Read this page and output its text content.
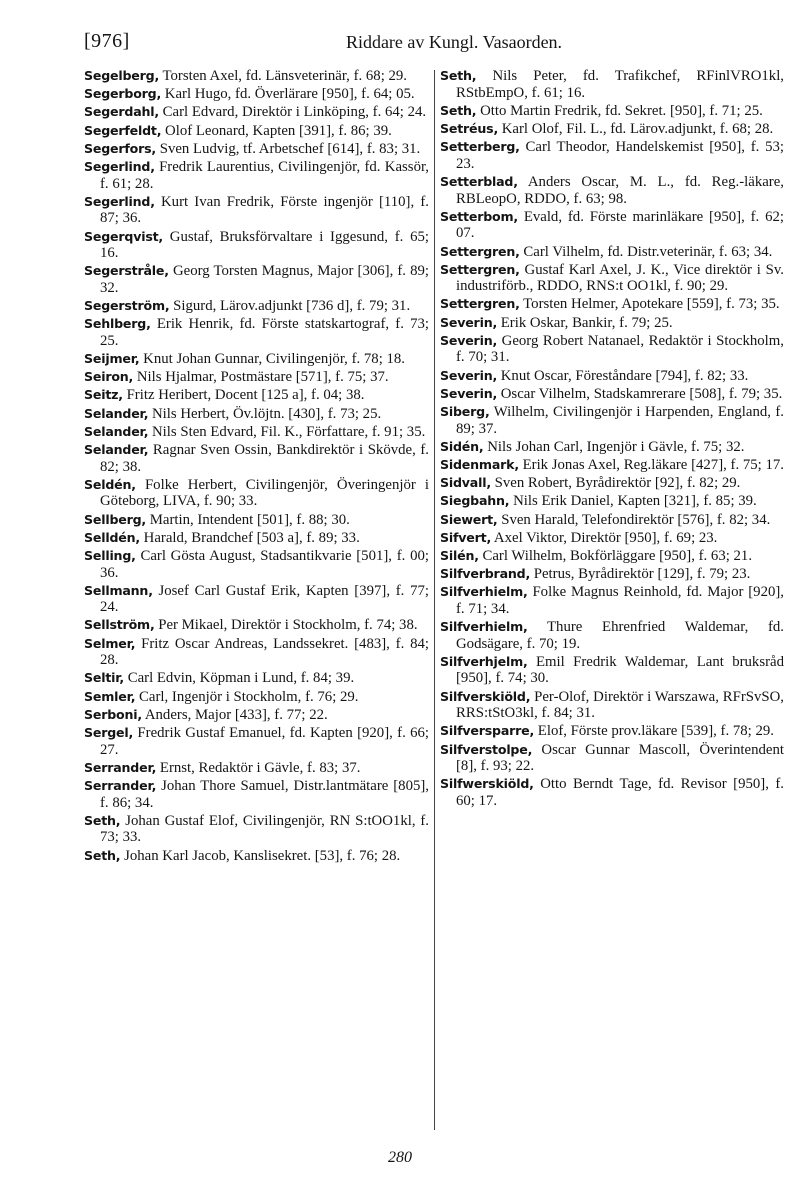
[976]	Riddare av Kungl. Vasaorden.

Segelberg, Torsten Axel, fd. Länsveterinär, f. 68; 29.

Segerborg, Karl Hugo, fd. Överlärare [950], f. 64; 05.

Segerdahl, Carl Edvard, Direktör i Linköping, f. 64; 24.

Segerfeldt, Olof Leonard, Kapten [391], f. 86; 39.

Segerfors, Sven Ludvig, tf. Arbetschef [614], f. 83; 31.

Segerlind, Fredrik Laurentius, Civilingenjör, fd. Kassör, f. 61; 28.

Segerlind, Kurt Ivan Fredrik, Förste ingenjör [110], f. 87; 36.

Segerqvist, Gustaf, Bruksförvaltare i Iggesund, f. 65; 16.

Segerstråle, Georg Torsten Magnus, Major [306], f. 89; 32.

Segerström, Sigurd, Lärov.adjunkt [736 d], f. 79; 31.

Sehlberg, Erik Henrik, fd. Förste statskartograf, f. 73; 25.

Seijmer, Knut Johan Gunnar, Civilingenjör, f. 78; 18.

Seiron, Nils Hjalmar, Postmästare [571], f. 75; 37.

Seitz, Fritz Heribert, Docent [125 a], f. 04; 38.

Selander, Nils Herbert, Öv.löjtn. [430], f. 73; 25.

Selander, Nils Sten Edvard, Fil. K., Författare, f. 91; 35.

Selander, Ragnar Sven Ossin, Bankdirektör i Skövde, f. 82; 38.

Seldén, Folke Herbert, Civilingenjör, Överingenjör i Göteborg, LIVA, f. 90; 33.

Sellberg, Martin, Intendent [501], f. 88; 30.

Selldén, Harald, Brandchef [503 a], f. 89; 33.

Selling, Carl Gösta August, Stadsantikvarie [501], f. 00; 36.

Sellmann, Josef Carl Gustaf Erik, Kapten [397], f. 77; 24.

Sellström, Per Mikael, Direktör i Stockholm, f. 74; 38.

Selmer, Fritz Oscar Andreas, Landssekret. [483], f. 84; 28.

Seltir, Carl Edvin, Köpman i Lund, f. 84; 39.

Semler, Carl, Ingenjör i Stockholm, f. 76; 29.

Serboni, Anders, Major [433], f. 77; 22.

Sergel, Fredrik Gustaf Emanuel, fd. Kapten [920], f. 66; 27.

Serrander, Ernst, Redaktör i Gävle, f. 83; 37.

Serrander, Johan Thore Samuel, Distr.lantmätare [805], f. 86; 34.

Seth, Johan Gustaf Elof, Civilingenjör, RN S:tOO1kl, f. 73; 33.

Seth, Johan Karl Jacob, Kanslisekret. [53], f. 76; 28.

Seth, Nils Peter, fd. Trafikchef, RFinlVRO1kl, RStbEmpO, f. 61; 16.

Seth, Otto Martin Fredrik, fd. Sekret. [950], f. 71; 25.

Setréus, Karl Olof, Fil. L., fd. Lärov.adjunkt, f. 68; 28.

Setterberg, Carl Theodor, Handelskemist [950], f. 53; 23.

Setterblad, Anders Oscar, M. L., fd. Reg.-läkare, RBLeopO, RDDO, f. 63; 98.

Setterbom, Evald, fd. Förste marinläkare [950], f. 62; 07.

Settergren, Carl Vilhelm, fd. Distr.veterinär, f. 63; 34.

Settergren, Gustaf Karl Axel, J. K., Vice direktör i Sv. industriförb., RDDO, RNS:t OO1kl, f. 90; 29.

Settergren, Torsten Helmer, Apotekare [559], f. 73; 35.

Severin, Erik Oskar, Bankir, f. 79; 25.

Severin, Georg Robert Natanael, Redaktör i Stockholm, f. 70; 31.

Severin, Knut Oscar, Föreståndare [794], f. 82; 33.

Severin, Oscar Vilhelm, Stadskamrerare [508], f. 79; 35.

Siberg, Wilhelm, Civilingenjör i Harpenden, England, f. 89; 37.

Sidén, Nils Johan Carl, Ingenjör i Gävle, f. 75; 32.

Sidenmark, Erik Jonas Axel, Reg.läkare [427], f. 75; 17.

Sidvall, Sven Robert, Byrådirektör [92], f. 82; 29.

Siegbahn, Nils Erik Daniel, Kapten [321], f. 85; 39.

Siewert, Sven Harald, Telefondirektör [576], f. 82; 34.

Sifvert, Axel Viktor, Direktör [950], f. 69; 23.

Silén, Carl Wilhelm, Bokförläggare [950], f. 63; 21.

Silfverbrand, Petrus, Byrådirektör [129], f. 79; 23.

Silfverhielm, Folke Magnus Reinhold, fd. Major [920], f. 71; 34.

Silfverhielm, Thure Ehrenfried Waldemar, fd. Godsägare, f. 70; 19.

Silfverhjelm, Emil Fredrik Waldemar, Lant bruksråd [950], f. 74; 30.

Silfverskiöld, Per-Olof, Direktör i Warszawa, RFrSvSO, RRS:tStO3kl, f. 84; 31.

Silfversparre, Elof, Förste prov.läkare [539], f. 78; 29.

Silfverstolpe, Oscar Gunnar Mascoll, Överintendent [8], f. 93; 22.

Silfwerskiöld, Otto Berndt Tage, fd. Revisor [950], f. 60; 17.

280
